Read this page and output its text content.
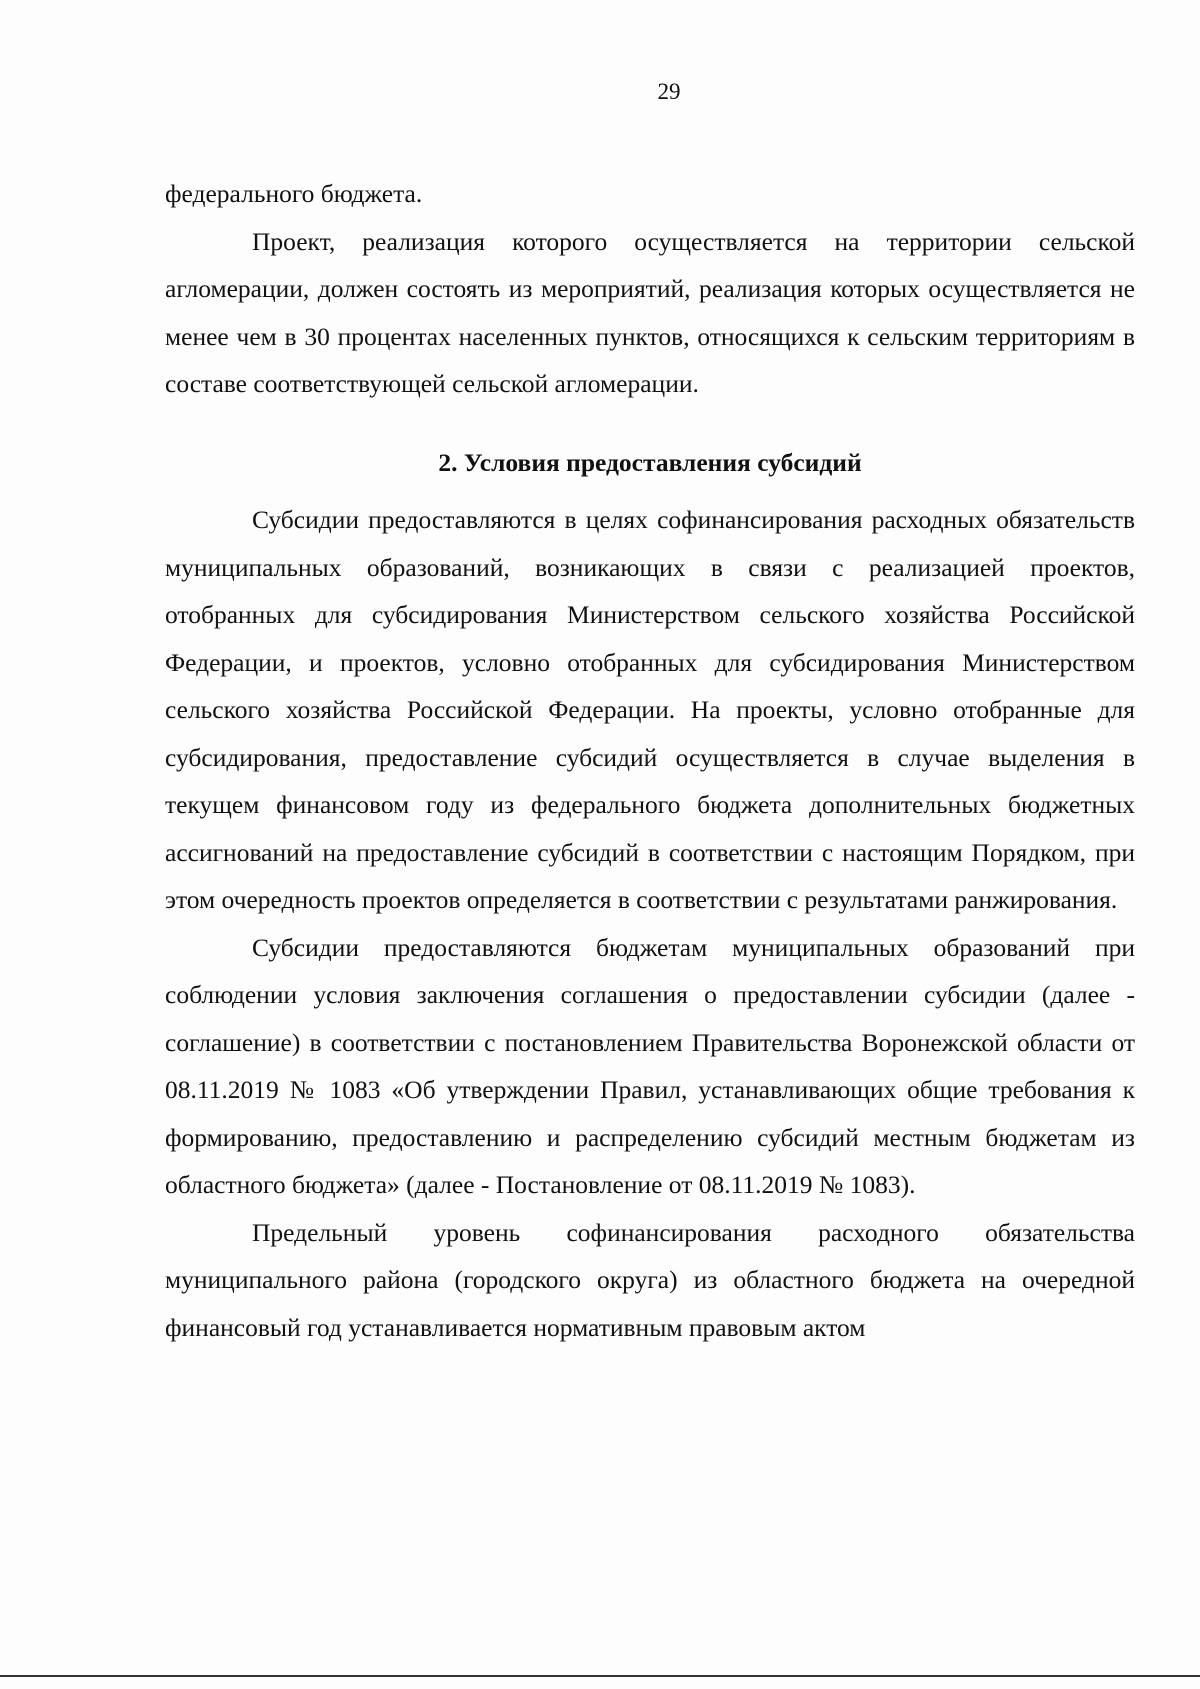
29

федерального бюджета.

Проект, реализация которого осуществляется на территории сельской агломерации, должен состоять из мероприятий, реализация которых осуществляется не менее чем в 30 процентах населенных пунктов, относящихся к сельским территориям в составе соответствующей сельской агломерации.

2. Условия предоставления субсидий

Субсидии предоставляются в целях софинансирования расходных обязательств муниципальных образований, возникающих в связи с реализацией проектов, отобранных для субсидирования Министерством сельского хозяйства Российской Федерации, и проектов, условно отобранных для субсидирования Министерством сельского хозяйства Российской Федерации. На проекты, условно отобранные для субсидирования, предоставление субсидий осуществляется в случае выделения в текущем финансовом году из федерального бюджета дополнительных бюджетных ассигнований на предоставление субсидий в соответствии с настоящим Порядком, при этом очередность проектов определяется в соответствии с результатами ранжирования.

Субсидии предоставляются бюджетам муниципальных образований при соблюдении условия заключения соглашения о предоставлении субсидии (далее - соглашение) в соответствии с постановлением Правительства Воронежской области от 08.11.2019 № 1083 «Об утверждении Правил, устанавливающих общие требования к формированию, предоставлению и распределению субсидий местным бюджетам из областного бюджета» (далее - Постановление от 08.11.2019 № 1083).

Предельный уровень софинансирования расходного обязательства муниципального района (городского округа) из областного бюджета на очередной финансовый год устанавливается нормативным правовым актом
